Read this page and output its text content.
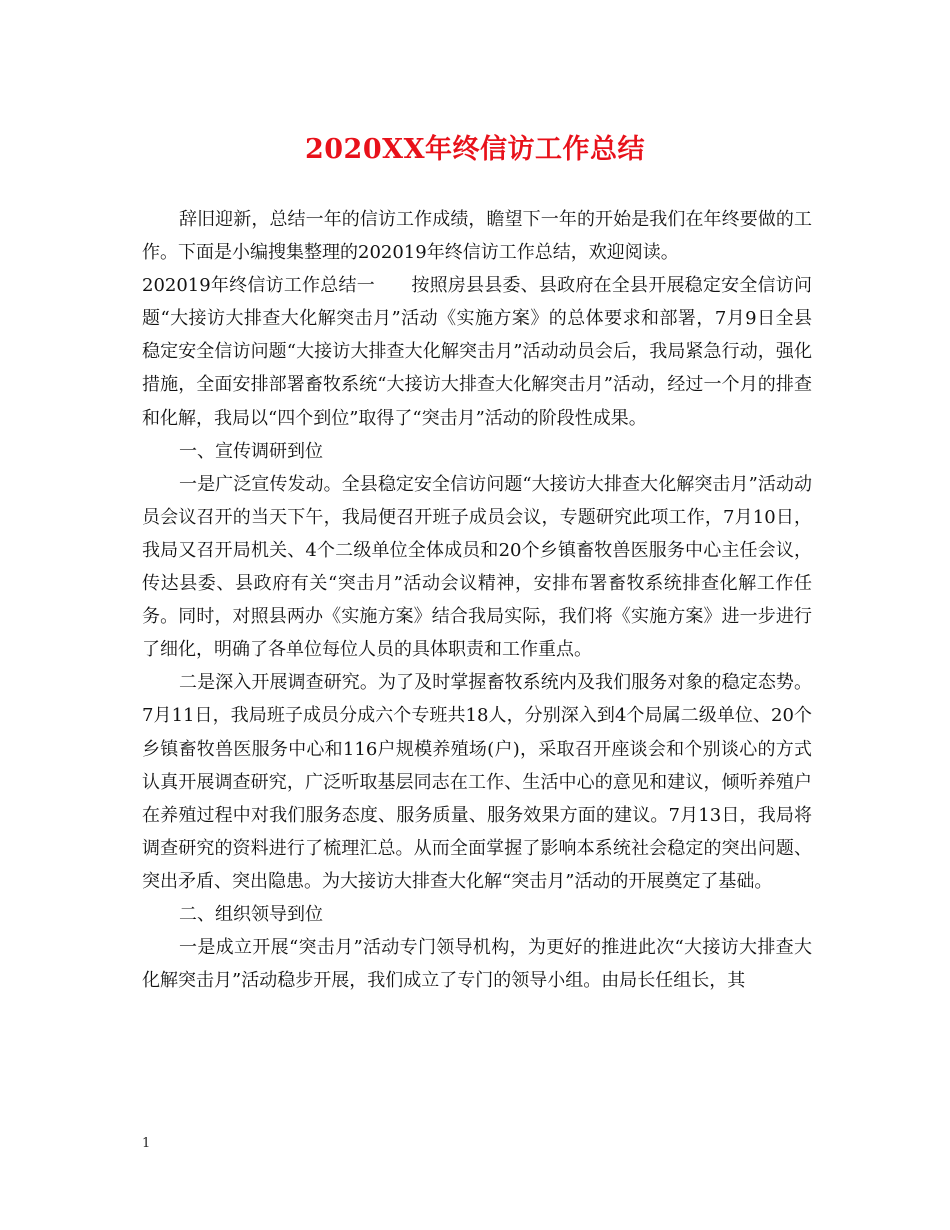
2020XX年终信访工作总结

辞旧迎新，总结一年的信访工作成绩，瞻望下一年的开始是我们在年终要做的工作。下面是小编搜集整理的202019年终信访工作总结，欢迎阅读。

202019年终信访工作总结一　　按照房县县委、县政府在全县开展稳定安全信访问题“大接访大排查大化解突击月”活动《实施方案》的总体要求和部署，7月9日全县稳定安全信访问题“大接访大排查大化解突击月”活动动员会后，我局紧急行动，强化措施，全面安排部署畜牧系统“大接访大排查大化解突击月”活动，经过一个月的排查和化解，我局以“四个到位”取得了“突击月”活动的阶段性成果。

一、宣传调研到位

一是广泛宣传发动。全县稳定安全信访问题“大接访大排查大化解突击月”活动动员会议召开的当天下午，我局便召开班子成员会议，专题研究此项工作，7月10日，我局又召开局机关、4个二级单位全体成员和20个乡镇畜牧兽医服务中心主任会议，传达县委、县政府有关“突击月”活动会议精神，安排布署畜牧系统排查化解工作任务。同时，对照县两办《实施方案》结合我局实际，我们将《实施方案》进一步进行了细化，明确了各单位每位人员的具体职责和工作重点。

二是深入开展调查研究。为了及时掌握畜牧系统内及我们服务对象的稳定态势。7月11日，我局班子成员分成六个专班共18人，分别深入到4个局属二级单位、20个乡镇畜牧兽医服务中心和116户规模养殖场(户)，采取召开座谈会和个别谈心的方式认真开展调查研究，广泛听取基层同志在工作、生活中心的意见和建议，倾听养殖户在养殖过程中对我们服务态度、服务质量、服务效果方面的建议。7月13日，我局将调查研究的资料进行了梳理汇总。从而全面掌握了影响本系统社会稳定的突出问题、突出矛盾、突出隐患。为大接访大排查大化解“突击月”活动的开展奠定了基础。

二、组织领导到位

一是成立开展“突击月”活动专门领导机构，为更好的推进此次“大接访大排查大化解突击月”活动稳步开展，我们成立了专门的领导小组。由局长任组长，其

1
